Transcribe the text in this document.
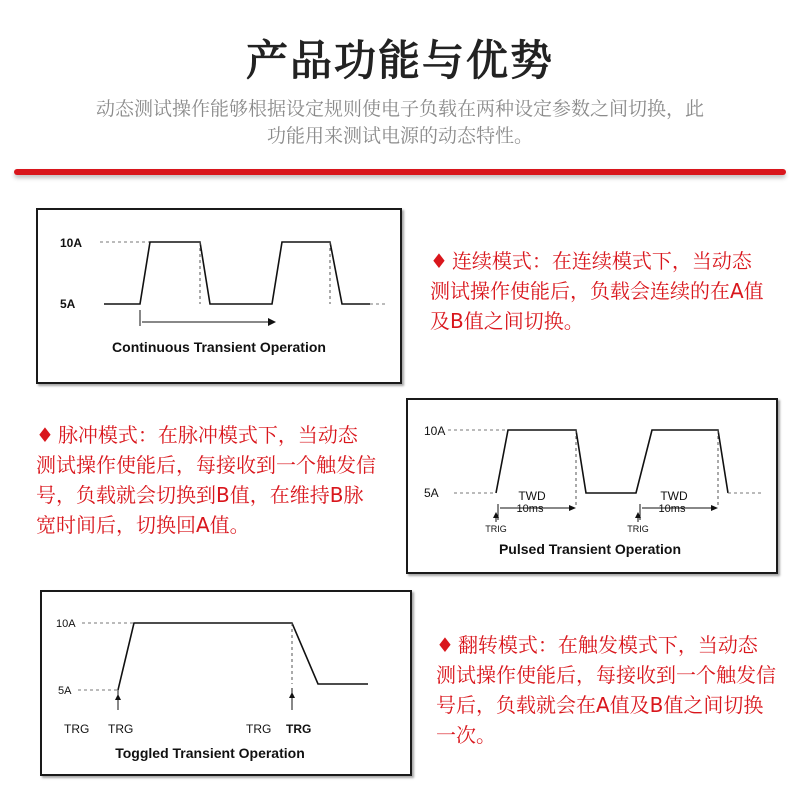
产品功能与优势
动态测试操作能够根据设定规则使电子负载在两种设定参数之间切换，此功能用来测试电源的动态特性。
10A
5A
Continuous Transient Operation
♦ 连续模式：在连续模式下，当动态测试操作使能后，负载会连续的在A值及B值之间切换。
♦ 脉冲模式：在脉冲模式下，当动态测试操作使能后，每接收到一个触发信号，负载就会切换到B值，在维持B脉宽时间后，切换回A值。
TWD
10ms
TRIG
TWD
10ms
TRIG
10A
5A
Pulsed Transient Operation
10A
5A
TRG TRG	TRG TRG
Toggled Transient Operation
♦ 翻转模式：在触发模式下，当动态测试操作使能后，每接收到一个触发信号后，负载就会在A值及B值之间切换一次。
